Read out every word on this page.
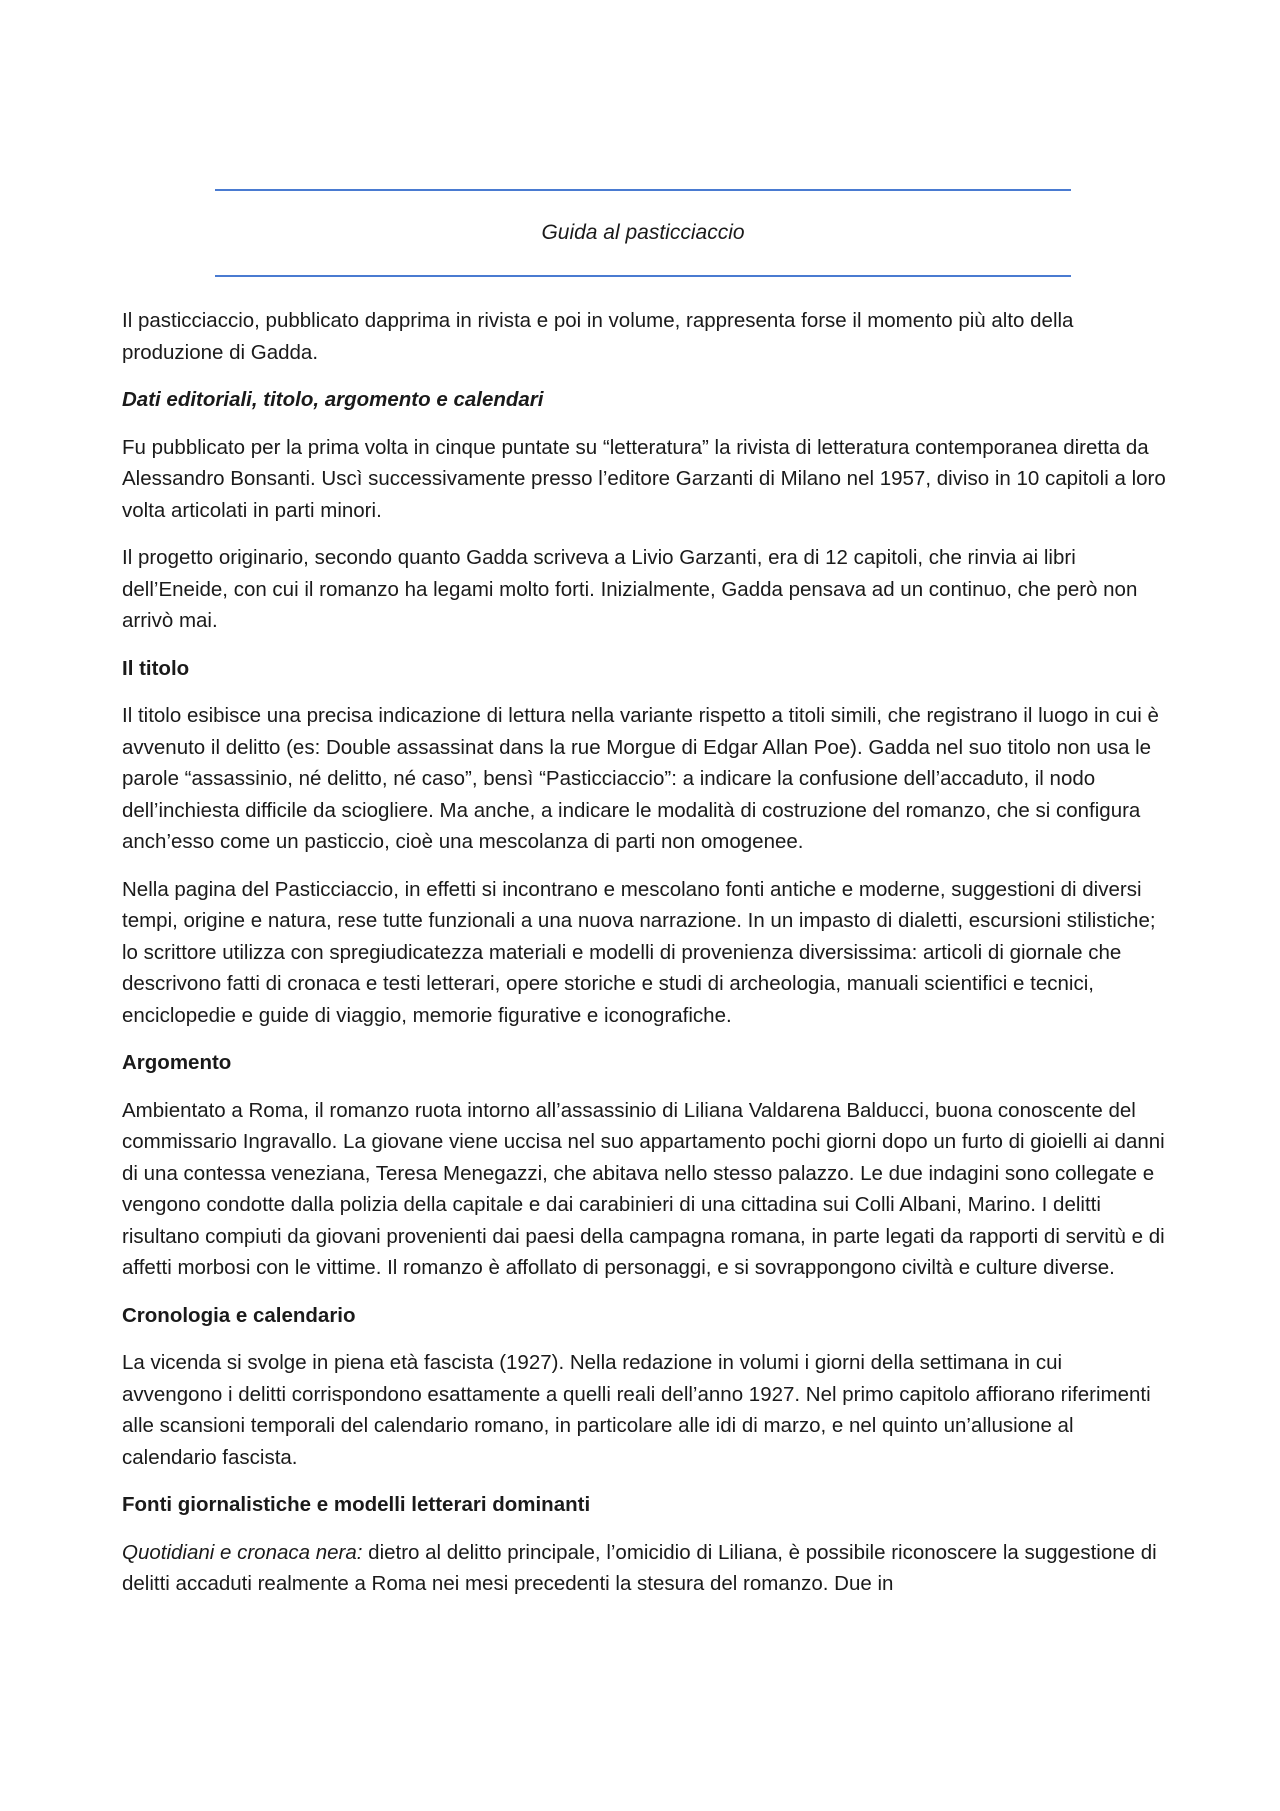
Guida al pasticciaccio

Il pasticciaccio, pubblicato dapprima in rivista e poi in volume, rappresenta forse il momento più alto della produzione di Gadda.

Dati editoriali, titolo, argomento e calendari

Fu pubblicato per la prima volta in cinque puntate su “letteratura” la rivista di letteratura contemporanea diretta da Alessandro Bonsanti. Uscì successivamente presso l’editore Garzanti di Milano nel 1957, diviso in 10 capitoli a loro volta articolati in parti minori.

Il progetto originario, secondo quanto Gadda scriveva a Livio Garzanti, era di 12 capitoli, che rinvia ai libri dell’Eneide, con cui il romanzo ha legami molto forti. Inizialmente, Gadda pensava ad un continuo, che però non arrivò mai.

Il titolo

Il titolo esibisce una precisa indicazione di lettura nella variante rispetto a titoli simili, che registrano il luogo in cui è avvenuto il delitto (es: Double assassinat dans la rue Morgue di Edgar Allan Poe). Gadda nel suo titolo non usa le parole “assassinio, né delitto, né caso”, bensì “Pasticciaccio”: a indicare la confusione dell’accaduto, il nodo dell’inchiesta difficile da sciogliere. Ma anche, a indicare le modalità di costruzione del romanzo, che si configura anch’esso come un pasticcio, cioè una mescolanza di parti non omogenee.

Nella pagina del Pasticciaccio, in effetti si incontrano e mescolano fonti antiche e moderne, suggestioni di diversi tempi, origine e natura, rese tutte funzionali a una nuova narrazione. In un impasto di dialetti, escursioni stilistiche; lo scrittore utilizza con spregiudicatezza materiali e modelli di provenienza diversissima: articoli di giornale che descrivono fatti di cronaca e testi letterari, opere storiche e studi di archeologia, manuali scientifici e tecnici, enciclopedie e guide di viaggio, memorie figurative e iconografiche.

Argomento

Ambientato a Roma, il romanzo ruota intorno all’assassinio di Liliana Valdarena Balducci, buona conoscente del commissario Ingravallo. La giovane viene uccisa nel suo appartamento pochi giorni dopo un furto di gioielli ai danni di una contessa veneziana, Teresa Menegazzi, che abitava nello stesso palazzo. Le due indagini sono collegate e vengono condotte dalla polizia della capitale e dai carabinieri di una cittadina sui Colli Albani, Marino. I delitti risultano compiuti da giovani provenienti dai paesi della campagna romana, in parte legati da rapporti di servitù e di affetti morbosi con le vittime. Il romanzo è affollato di personaggi, e si sovrappongono civiltà e culture diverse.

Cronologia e calendario

La vicenda si svolge in piena età fascista (1927). Nella redazione in volumi i giorni della settimana in cui avvengono i delitti corrispondono esattamente a quelli reali dell’anno 1927. Nel primo capitolo affiorano riferimenti alle scansioni temporali del calendario romano, in particolare alle idi di marzo, e nel quinto un’allusione al calendario fascista.

Fonti giornalistiche e modelli letterari dominanti

Quotidiani e cronaca nera: dietro al delitto principale, l’omicidio di Liliana, è possibile riconoscere la suggestione di delitti accaduti realmente a Roma nei mesi precedenti la stesura del romanzo. Due in
